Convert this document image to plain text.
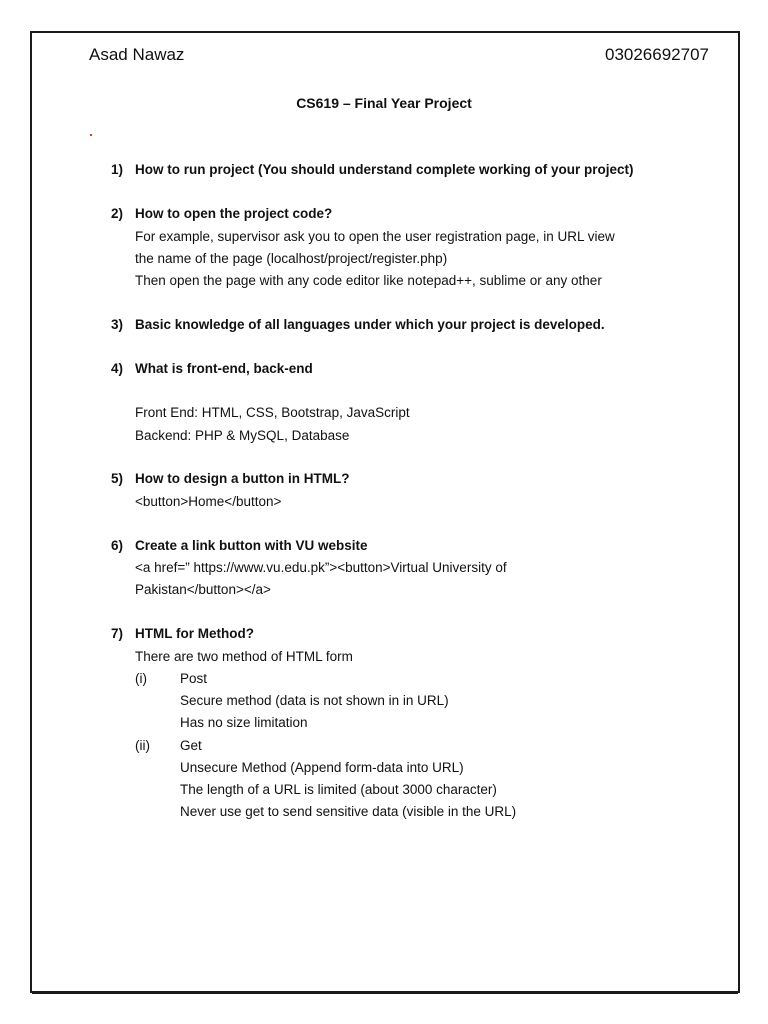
Asad Nawaz	03026692707
CS619 – Final Year Project
1) How to run project (You should understand complete working of your project)
2) How to open the project code?
For example, supervisor ask you to open the user registration page, in URL view
the name of the page (localhost/project/register.php)
Then open the page with any code editor like notepad++, sublime or any other
3) Basic knowledge of all languages under which your project is developed.
4) What is front-end, back-end
Front End: HTML, CSS, Bootstrap, JavaScript
Backend: PHP & MySQL, Database
5) How to design a button in HTML?
<button>Home</button>
6) Create a link button with VU website
<a href=” https://www.vu.edu.pk”><button>Virtual University of
Pakistan</button></a>
7) HTML for Method?
There are two method of HTML form
(i) Post
Secure method (data is not shown in in URL)
Has no size limitation
(ii) Get
Unsecure Method (Append form-data into URL)
The length of a URL is limited (about 3000 character)
Never use get to send sensitive data (visible in the URL)
